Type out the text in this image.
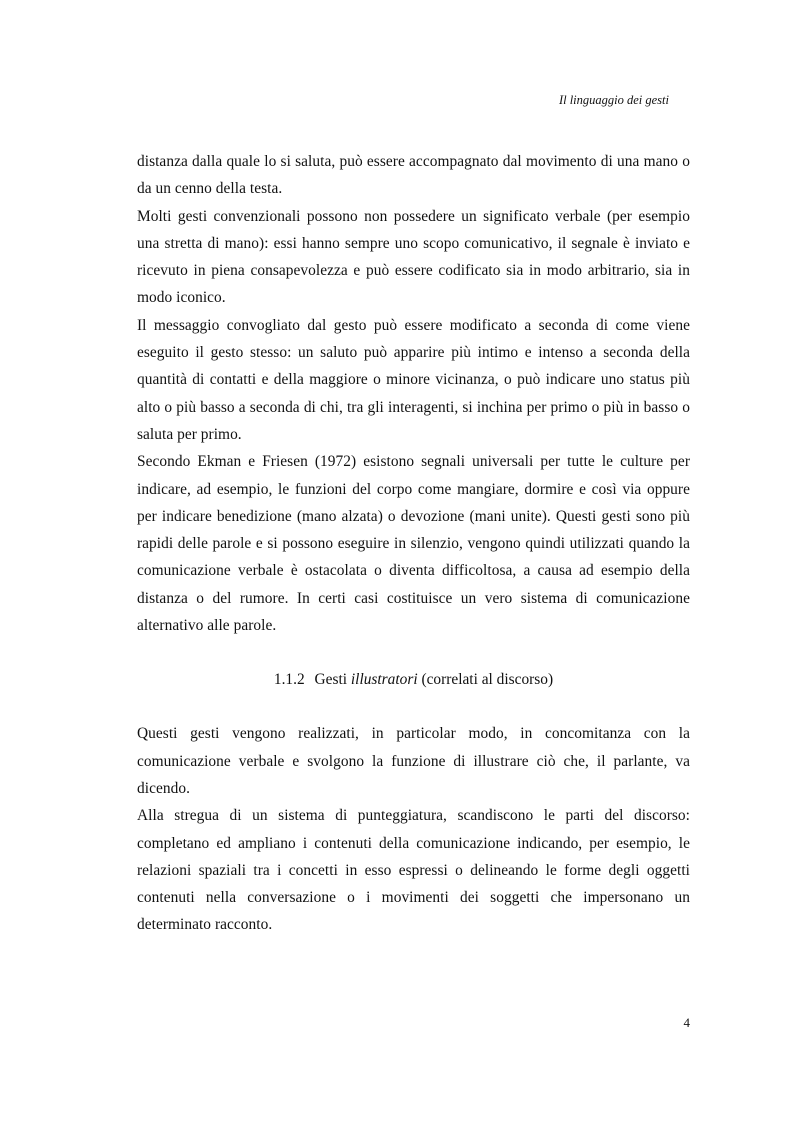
Il linguaggio dei gesti

distanza dalla quale lo si saluta, può essere accompagnato dal movimento di una mano o da un cenno della testa.

Molti gesti convenzionali possono non possedere un significato verbale (per esempio una stretta di mano): essi hanno sempre uno scopo comunicativo, il segnale è inviato e ricevuto in piena consapevolezza e può essere codificato sia in modo arbitrario, sia in modo iconico.

Il messaggio convogliato dal gesto può essere modificato a seconda di come viene eseguito il gesto stesso: un saluto può apparire più intimo e intenso a seconda della quantità di contatti e della maggiore o minore vicinanza, o può indicare uno status più alto o più basso a seconda di chi, tra gli interagenti, si inchina per primo o più in basso o saluta per primo.

Secondo Ekman e Friesen (1972) esistono segnali universali per tutte le culture per indicare, ad esempio, le funzioni del corpo come mangiare, dormire e così via oppure per indicare benedizione (mano alzata) o devozione (mani unite). Questi gesti sono più rapidi delle parole e si possono eseguire in silenzio, vengono quindi utilizzati quando la comunicazione verbale è ostacolata o diventa difficoltosa, a causa ad esempio della distanza o del rumore. In certi casi costituisce un vero sistema di comunicazione alternativo alle parole.

1.1.2 Gesti illustratori (correlati al discorso)

Questi gesti vengono realizzati, in particolar modo, in concomitanza con la comunicazione verbale e svolgono la funzione di illustrare ciò che, il parlante, va dicendo.

Alla stregua di un sistema di punteggiatura, scandiscono le parti del discorso: completano ed ampliano i contenuti della comunicazione indicando, per esempio, le relazioni spaziali tra i concetti in esso espressi o delineando le forme degli oggetti contenuti nella conversazione o i movimenti dei soggetti che impersonano un determinato racconto.

4
